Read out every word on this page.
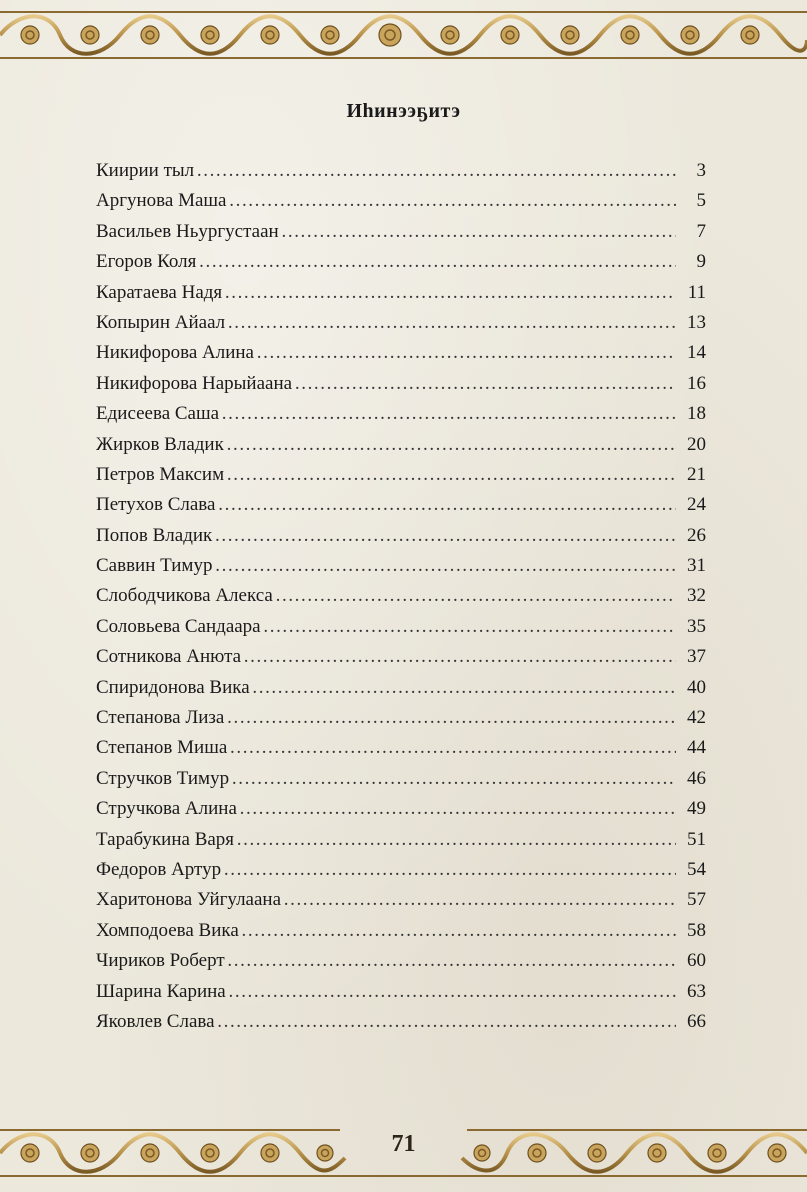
Иһинээҕитэ
Киирии тыл …………………………………………………………………………………………………………………………………………	3
Аргунова Маша …………………………………………………………………………………………………………………………………………	5
Васильев Ньургустаан …………………………………………………………………………………………………………………………………………	7
Егоров Коля …………………………………………………………………………………………………………………………………………	9
Каратаева Надя …………………………………………………………………………………………………………………………………………	11
Копырин Айаал …………………………………………………………………………………………………………………………………………	13
Никифорова Алина …………………………………………………………………………………………………………………………………………	14
Никифорова Нарыйаана …………………………………………………………………………………………………………………………………………	16
Едисеева Саша …………………………………………………………………………………………………………………………………………	18
Жирков Владик …………………………………………………………………………………………………………………………………………	20
Петров Максим …………………………………………………………………………………………………………………………………………	21
Петухов Слава …………………………………………………………………………………………………………………………………………	24
Попов Владик …………………………………………………………………………………………………………………………………………	26
Саввин Тимур …………………………………………………………………………………………………………………………………………	31
Слободчикова Алекса …………………………………………………………………………………………………………………………………………	32
Соловьева Сандаара …………………………………………………………………………………………………………………………………………	35
Сотникова Анюта …………………………………………………………………………………………………………………………………………	37
Спиридонова Вика …………………………………………………………………………………………………………………………………………	40
Степанова Лиза …………………………………………………………………………………………………………………………………………	42
Степанов Миша …………………………………………………………………………………………………………………………………………	44
Стручков Тимур …………………………………………………………………………………………………………………………………………	46
Стручкова Алина …………………………………………………………………………………………………………………………………………	49
Тарабукина Варя …………………………………………………………………………………………………………………………………………	51
Федоров Артур …………………………………………………………………………………………………………………………………………	54
Харитонова Уйгулаана …………………………………………………………………………………………………………………………………………	57
Хомподоева Вика …………………………………………………………………………………………………………………………………………	58
Чириков Роберт …………………………………………………………………………………………………………………………………………	60
Шарина Карина …………………………………………………………………………………………………………………………………………	63
Яковлев Слава …………………………………………………………………………………………………………………………………………	66
71
